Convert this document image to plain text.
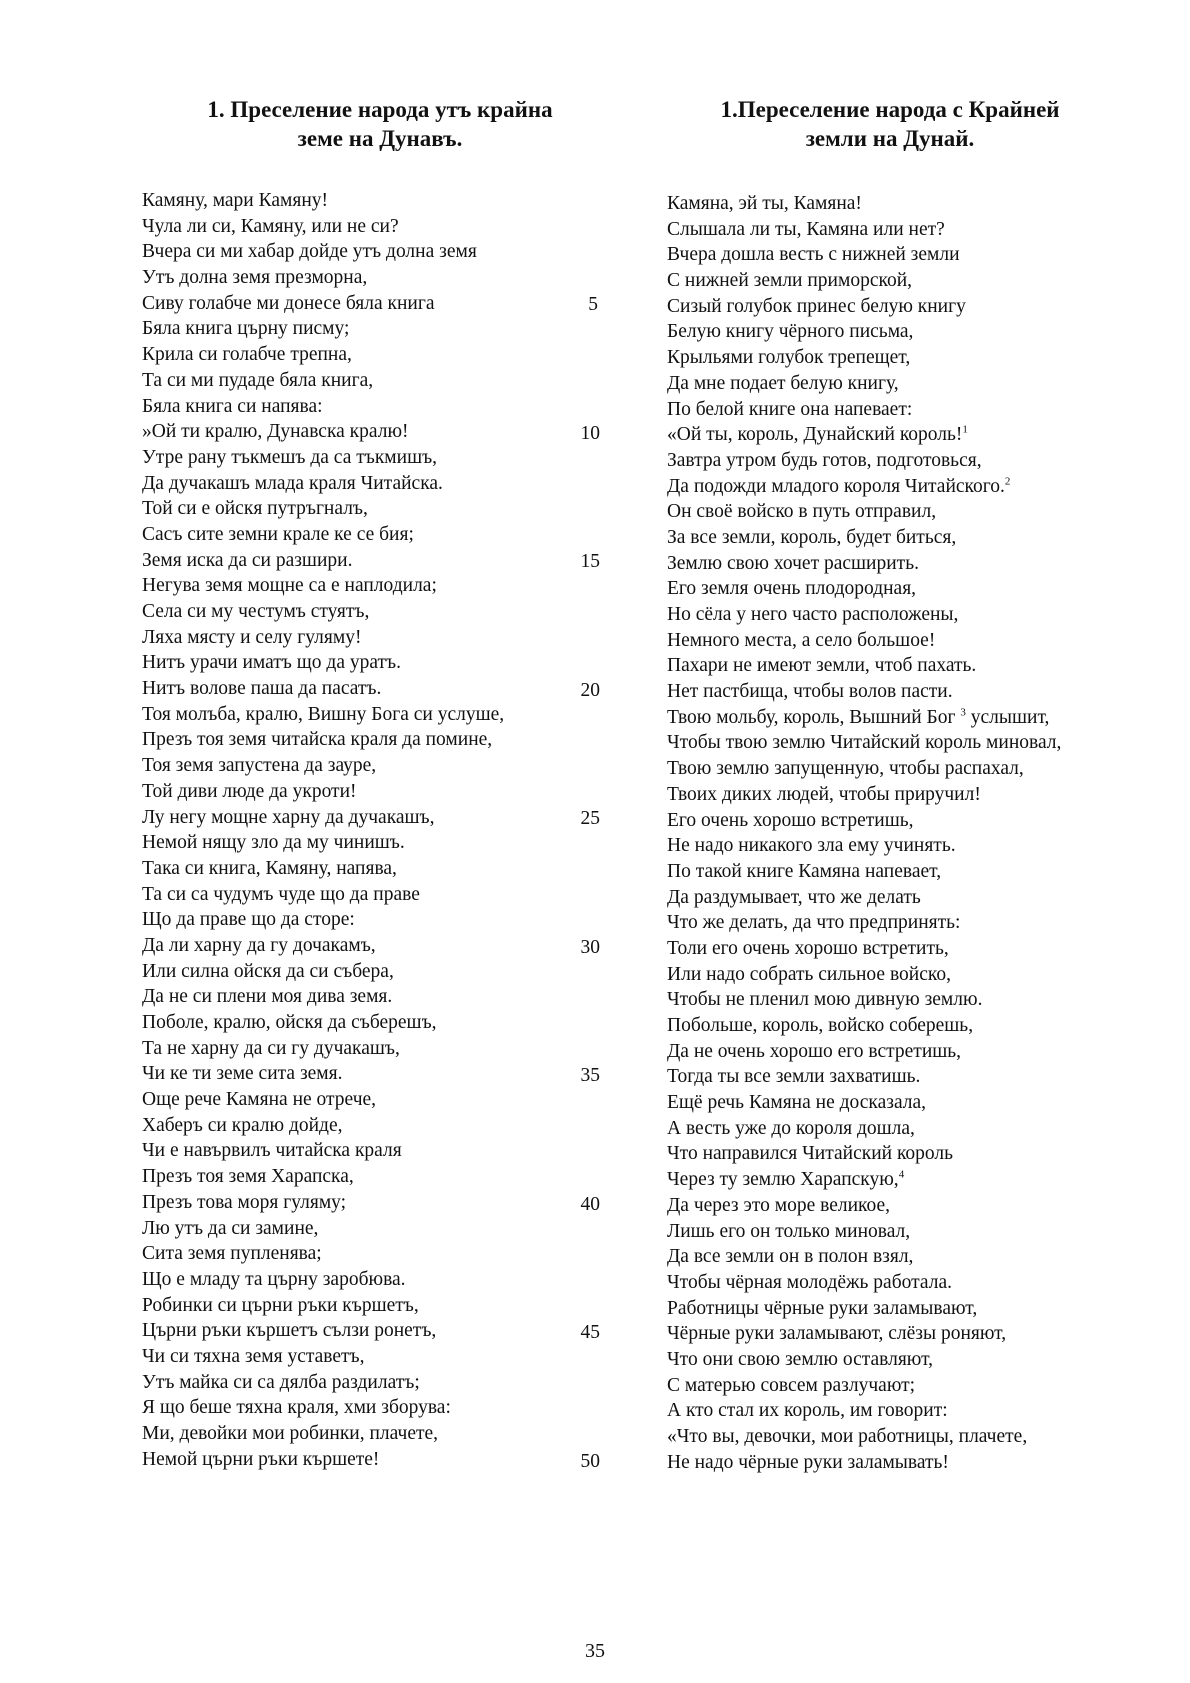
1. Преселение народа утъ крайна
земе на Дунавъ.
1.Переселение народа с Крайней
земли на Дунай.
Камяну, мари Камяну!
Чула ли си, Камяну, или не си?
Вчера си ми хабар дойде утъ долна земя
Утъ долна земя презморна,
Сиву голабче ми донесе бяла книга
Бяла книга църну писму;
Крила си голабче трепна,
Та си ми пудаде бяла книга,
Бяла книга си напява:
»Ой ти кралю, Дунавска кралю!
Утре рану тъкмешъ да са тъкмишъ,
Да дучакашъ млада краля Читайска.
Той си е ойскя путръгналъ,
Сасъ сите земни крале ке се бия;
Земя иска да си разшири.
Негува земя мощне са е наплодила;
Села си му честумъ стуятъ,
Ляха мясту и селу гуляму!
Нитъ урачи иматъ що да уратъ.
Нитъ волове паша да пасатъ.
Тоя молъба, кралю, Вишну Бога си услуше,
Презъ тоя земя читайска краля да помине,
Тоя земя запустена да зауре,
Той диви люде да укроти!
Лу негу мощне харну да дучакашъ,
Немой нящу зло да му чинишъ.
Така си книга, Камяну, напява,
Та си са чудумъ чуде що да праве
Що да праве що да сторе:
Да ли харну да гу дочакамъ,
Или силна ойскя да си събера,
Да не си плени моя дива земя.
Поболе, кралю, ойскя да съберешъ,
Та не харну да си гу дучакашъ,
Чи ке ти земе сита земя.
Още рече Камяна не отрече,
Хаберъ си кралю дойде,
Чи е навървилъ читайска краля
Презъ тоя земя Харапска,
Презъ това моря гуляму;
Лю утъ да си замине,
Сита земя пупленява;
Що е младу та църну заробюва.
Робинки си църни ръки кършетъ,
Църни ръки кършетъ сълзи ронетъ,
Чи си тяхна земя уставетъ,
Утъ майка си са дялба раздилатъ;
Я що беше тяхна краля, хми зборува:
Ми, девойки мои робинки, плачете,
Немой църни ръки кършете!
Камяна, эй ты, Камяна!
Слышала ли ты, Камяна или нет?
Вчера дошла весть с нижней земли
С нижней земли приморской,
Сизый голубок принес белую книгу
Белую книгу чёрного письма,
Крыльями голубок трепещет,
Да мне подает белую книгу,
По белой книге она напевает:
«Ой ты, король, Дунайский король!$^1$
Завтра утром будь готов, подготовься,
Да подожди младого короля Читайского.$^2$
Он своё войско в путь отправил,
За все земли, король, будет биться,
Землю свою хочет расширить.
Его земля очень плодородная,
Но сёла у него часто расположены,
Немного места, а село большое!
Пахари не имеют земли, чтоб пахать.
Нет пастбища, чтобы волов пасти.
Твою мольбу, король, Вышний Бог $^3$ услышит,
Чтобы твою землю Читайский король миновал,
Твою землю запущенную, чтобы распахал,
Твоих диких людей, чтобы приручил!
Его очень хорошо встретишь,
Не надо никакого зла ему учинять.
По такой книге Камяна напевает,
Да раздумывает, что же делать
Что же делать, да что предпринять:
Толи его очень хорошо встретить,
Или надо собрать сильное войско,
Чтобы не пленил мою дивную землю.
Побольше, король, войско соберешь,
Да не очень хорошо его встретишь,
Тогда ты все земли захватишь.
Ещё речь Камяна не досказала,
А весть уже до короля дошла,
Что направился Читайский король
Через ту землю Харапскую,$^4$
Да через это море великое,
Лишь его он только миновал,
Да все земли он в полон взял,
Чтобы чёрная молодёжь работала.
Работницы чёрные руки заламывают,
Чёрные руки заламывают, слёзы роняют,
Что они свою землю оставляют,
С матерью совсем разлучают;
А кто стал их король, им говорит:
«Что вы, девочки, мои работницы, плачете,
Не надо чёрные руки заламывать!
5
10
15
20
25
30
35
40
45
50
35
